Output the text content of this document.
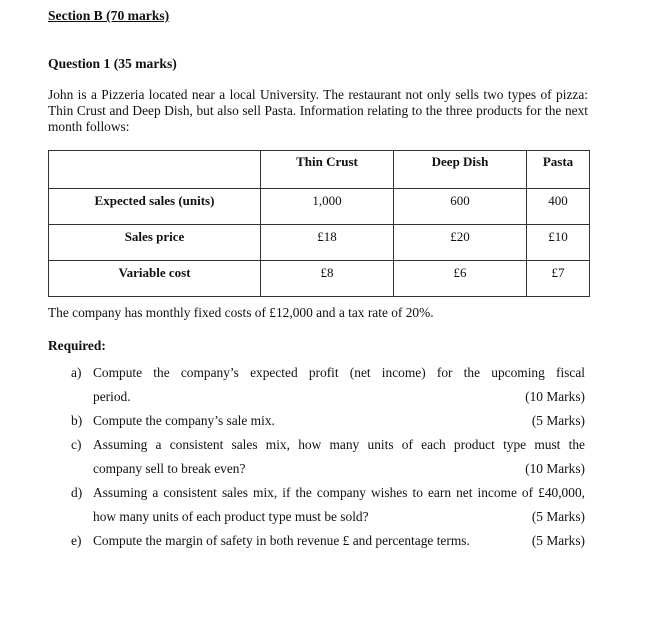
Section B (70 marks)
Question 1 (35 marks)
John is a Pizzeria located near a local University. The restaurant not only sells two types of pizza: Thin Crust and Deep Dish, but also sell Pasta. Information relating to the three products for the next month follows:
	Thin Crust	Deep Dish	Pasta
Expected sales (units)	1,000	600	400
Sales price	£18	£20	£10
Variable cost	£8	£6	£7
The company has monthly fixed costs of £12,000 and a tax rate of 20%.
Required:
a) Compute the company’s expected profit (net income) for the upcoming fiscal
period.	(10 Marks)
b) Compute the company’s sale mix.	(5 Marks)
c) Assuming a consistent sales mix, how many units of each product type must the
company sell to break even?	(10 Marks)
d) Assuming a consistent sales mix, if the company wishes to earn net income of £40,000,
how many units of each product type must be sold?	(5 Marks)
e) Compute the margin of safety in both revenue £ and percentage terms.	(5 Marks)
